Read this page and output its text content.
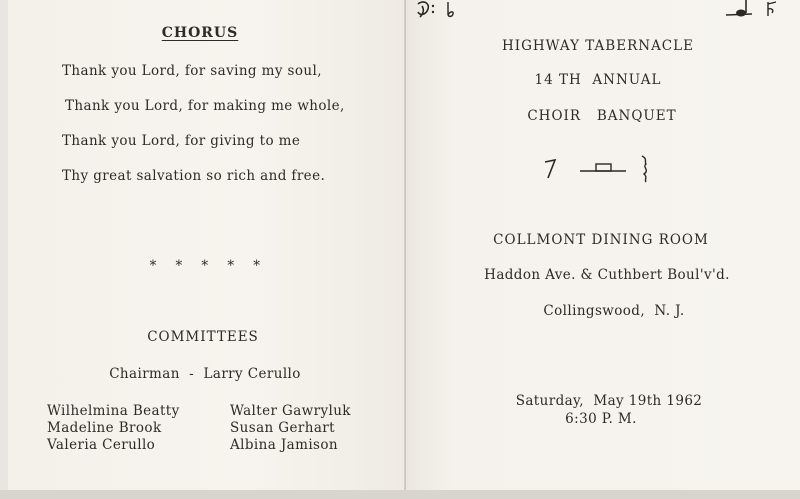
CHORUS
Thank you Lord, for saving my soul,
Thank you Lord, for making me whole,
Thank you Lord, for giving to me
Thy great salvation so rich and free.
*    *    *    *    *
COMMITTEES
Chairman  -  Larry Cerullo
Wilhelmina Beatty
Madeline Brook
Valeria Cerullo
Walter Gawryluk
Susan Gerhart
Albina Jamison
HIGHWAY TABERNACLE
14 TH  ANNUAL
CHOIR   BANQUET
COLLMONT DINING ROOM
Haddon Ave. & Cuthbert Boul'v'd.
Collingswood,  N. J.
Saturday,  May 19th 1962
6:30 P. M.
